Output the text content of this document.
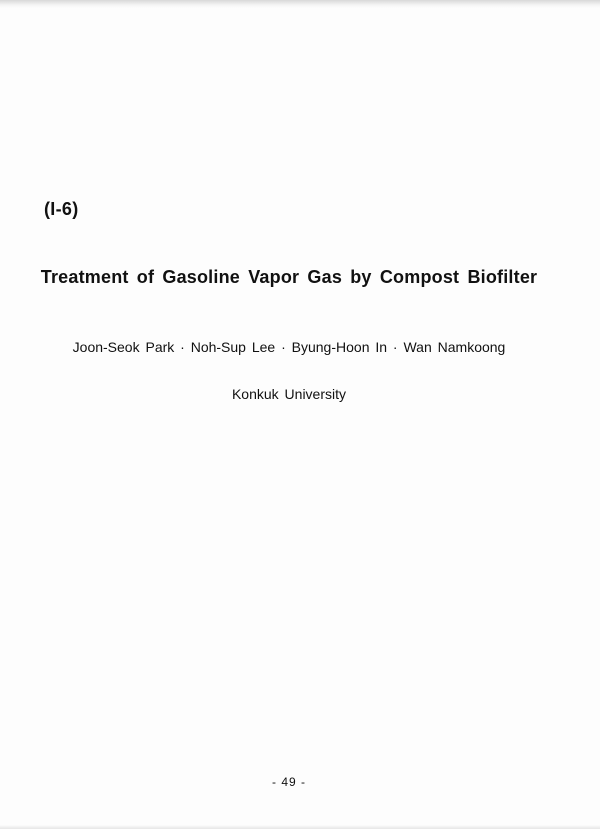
(I-6)
Treatment of Gasoline Vapor Gas by Compost Biofilter
Joon-Seok Park · Noh-Sup Lee · Byung-Hoon In · Wan Namkoong
Konkuk University
- 49 -
